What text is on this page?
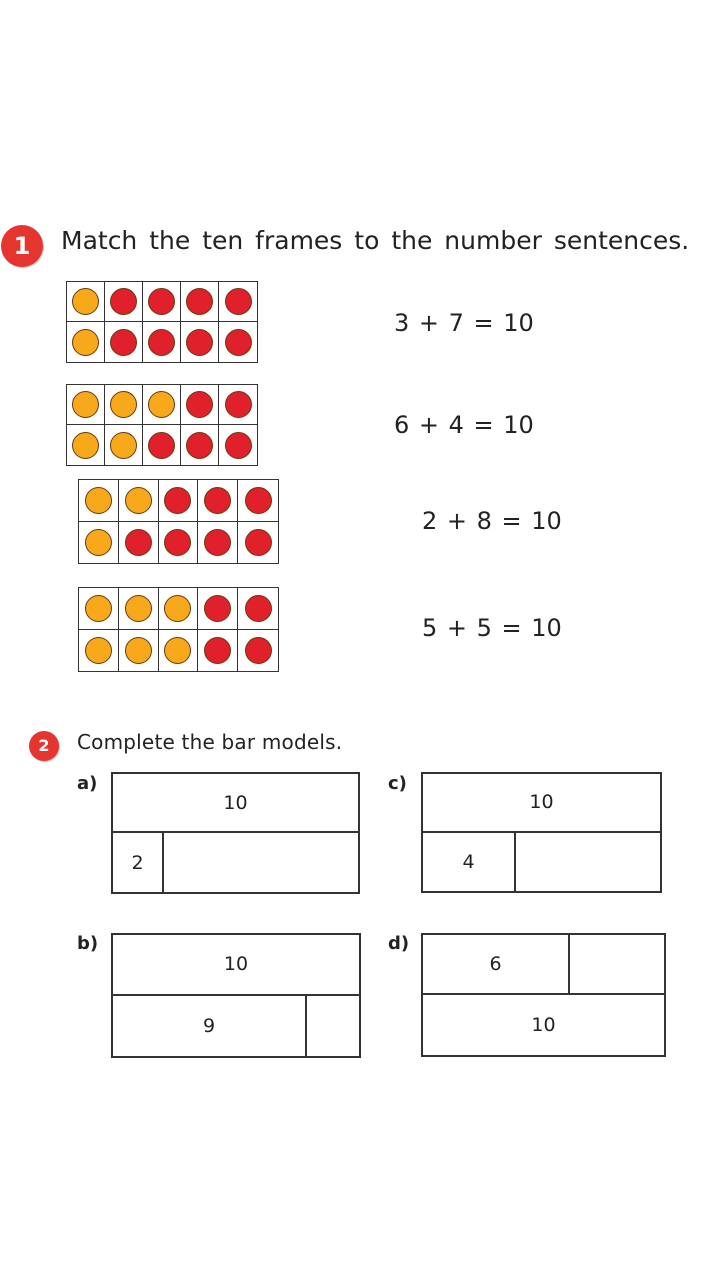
1	Match the ten frames to the number sentences.
3 + 7 = 10
6 + 4 = 10
2 + 8 = 10
5 + 5 = 10
2	Complete the bar models.
a)	c)
b)	d)
10
2
10
4
10
9
6
10
